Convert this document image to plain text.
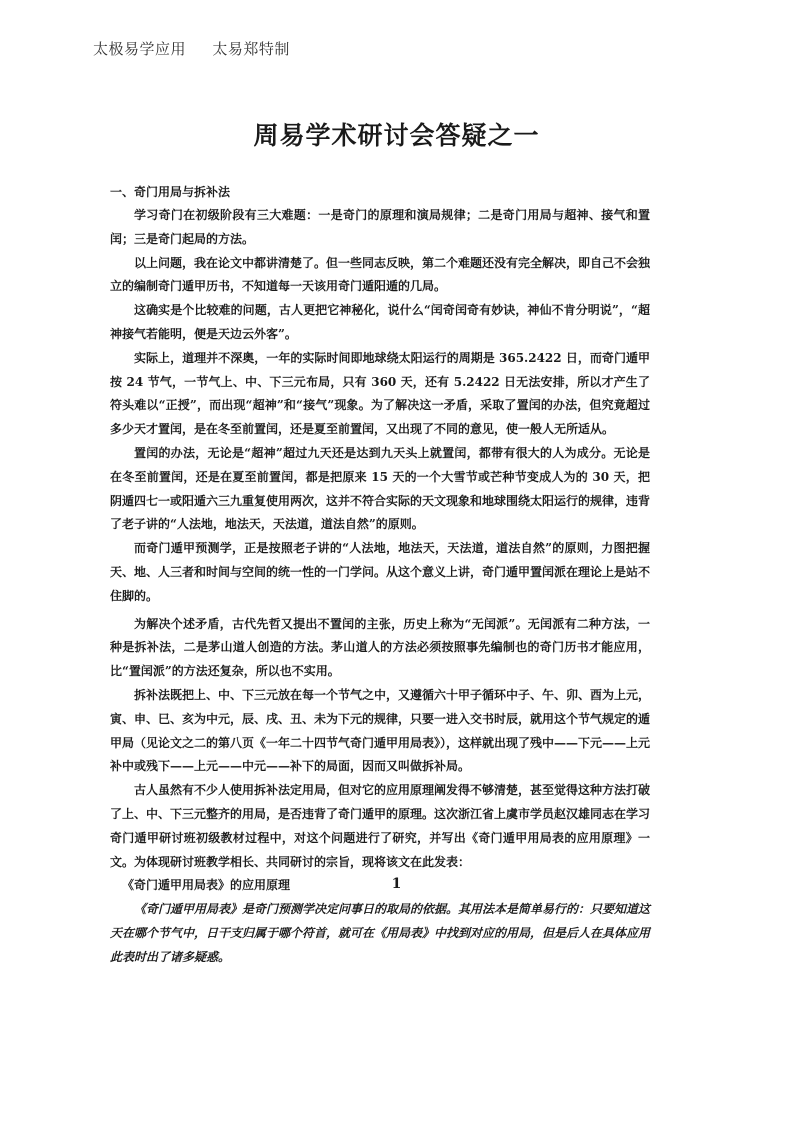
太极易学应用 太易郑特制
周易学术研讨会答疑之一
一、奇门用局与拆补法

学习奇门在初级阶段有三大难题：一是奇门的原理和演局规律；二是奇门用局与超神、接气和置闰；三是奇门起局的方法。

以上问题，我在论文中都讲清楚了。但一些同志反映，第二个难题还没有完全解决，即自己不会独立的编制奇门遁甲历书，不知道每一天该用奇门遁阳遁的几局。

这确实是个比较难的问题，古人更把它神秘化，说什么“闰奇闰奇有妙诀，神仙不肯分明说”，“超神接气若能明，便是天边云外客”。

实际上，道理并不深奥，一年的实际时间即地球绕太阳运行的周期是 365.2422 日，而奇门遁甲按 24 节气，一节气上、中、下三元布局，只有 360 天，还有 5.2422 日无法安排，所以才产生了符头难以“正授”，而出现“超神”和“接气”现象。为了解决这一矛盾，采取了置闰的办法，但究竟超过多少天才置闰，是在冬至前置闰，还是夏至前置闰，又出现了不同的意见，使一般人无所适从。

置闰的办法，无论是“超神”超过九天还是达到九天头上就置闰，都带有很大的人为成分。无论是在冬至前置闰，还是在夏至前置闰，都是把原来 15 天的一个大雪节或芒种节变成人为的 30 天，把阴遁四七一或阳遁六三九重复使用两次，这并不符合实际的天文现象和地球围绕太阳运行的规律，违背了老子讲的“人法地，地法天，天法道，道法自然”的原则。

而奇门遁甲预测学，正是按照老子讲的“人法地，地法天，天法道，道法自然”的原则，力图把握天、地、人三者和时间与空间的统一性的一门学问。从这个意义上讲，奇门遁甲置闰派在理论上是站不住脚的。

为解决个述矛盾，古代先哲又提出不置闰的主张，历史上称为“无闰派”。无闰派有二种方法，一种是拆补法，二是茅山道人创造的方法。茅山道人的方法必须按照事先编制也的奇门历书才能应用，比“置闰派”的方法还复杂，所以也不实用。

拆补法既把上、中、下三元放在每一个节气之中，又遵循六十甲子循环中子、午、卯、酉为上元，寅、申、巳、亥为中元，辰、戌、丑、未为下元的规律，只要一进入交书时辰，就用这个节气规定的遁甲局（见论文之二的第八页《一年二十四节气奇门遁甲用局表》），这样就出现了残中——下元——上元补中或残下——上元——中元——补下的局面，因而又叫做拆补局。

古人虽然有不少人使用拆补法定用局，但对它的应用原理阐发得不够清楚，甚至觉得这种方法打破了上、中、下三元整齐的用局，是否违背了奇门遁甲的原理。这次浙江省上虞市学员赵汉雄同志在学习奇门遁甲研讨班初级教材过程中，对这个问题进行了研究，并写出《奇门遁甲用局表的应用原理》一文。为体现研讨班教学相长、共同研讨的宗旨，现将该文在此发表：

《奇门遁甲用局表》的应用原理

《奇门遁甲用局表》是奇门预测学决定问事日的取局的依据。其用法本是简单易行的：只要知道这天在哪个节气中，日干支归属于哪个符首，就可在《用局表》中找到对应的用局，但是后人在具体应用此表时出了诸多疑惑。

1
